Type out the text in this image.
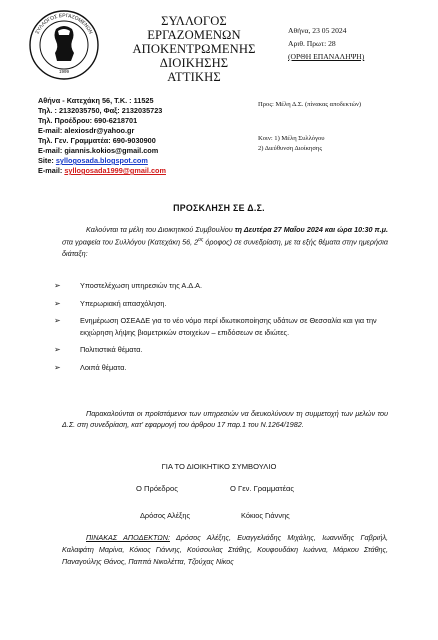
1999
ΣΥΛΛΟΓΟΣ ΕΡΓΑΖΟΜΕΝΩΝ
ΣΥΛΛΟΓΟΣ
ΕΡΓΑΖΟΜΕΝΩΝ
ΑΠΟΚΕΝΤΡΩΜΕΝΗΣ
ΔΙΟΙΚΗΣΗΣ
ΑΤΤΙΚΗΣ
Αθήνα, 23 05 2024
Αριθ. Πρωτ: 28
(ΟΡΘΗ ΕΠΑΝΑΛΗΨΗ)
Αθήνα - Κατεχάκη 56, Τ.Κ. : 11525
Τηλ. : 2132035750, Φαξ: 2132035723
Τηλ. Προέδρου: 690-6218701
E-mail: alexiosdr@yahoo.gr
Τηλ. Γεν. Γραμματέα: 690-9030900
E-mail: giannis.kokios@gmail.com
Site: syllogosada.blogspot.com
E-mail: syllogosada1999@gmail.com
Προς: Μέλη Δ.Σ. (πίνακας αποδεκτών)
Κοιν: 1) Μέλη Συλλόγου
2) Διεύθυνση Διοίκησης
ΠΡΟΣΚΛΗΣΗ ΣΕ Δ.Σ.
Καλούνται τα μέλη του Διοικητικού Συμβουλίου τη Δευτέρα 27 Μαΐου 2024 και ώρα 10:30 π.μ. στα γραφεία του Συλλόγου (Κατεχάκη 56, $2^{o\varsigma}$ όροφος) σε συνεδρίαση, με τα εξής θέματα στην ημερήσια διάταξη:
➢	Υποστελέχωση υπηρεσιών της Α.Δ.Α.
➢	Υπερωριακή απασχόληση.
➢	Ενημέρωση ΟΣΕΑΔΕ για το νέο νόμο περί ιδιωτικοποίησης υδάτων σε Θεσσαλία και για την εκχώρηση λήψης βιομετρικών στοιχείων – επιδόσεων σε ιδιώτες.
➢	Πολιτιστικά θέματα.
➢	Λοιπά θέματα.
Παρακαλούνται οι προϊστάμενοι των υπηρεσιών να διευκολύνουν τη συμμετοχή των μελών του Δ.Σ. στη συνεδρίαση, κατ' εφαρμογή του άρθρου 17 παρ.1 του Ν.1264/1982.
ΓΙΑ ΤΟ ΔΙΟΙΚΗΤΙΚΟ ΣΥΜΒΟΥΛΙΟ
Ο Πρόεδρος	Ο Γεν. Γραμματέας
Δρόσος Αλέξης	Κόκιος Γιάννης
ΠΙΝΑΚΑΣ ΑΠΟΔΕΚΤΩΝ: Δρόσος Αλέξης, Ευαγγελιάδης Μιχάλης, Ιωαννίδης Γαβριήλ, Καλαφάτη Μαρίνα, Κόκιος Γιάννης, Κούσουλας Στάθης, Κουφουδάκη Ιωάννα, Μάρκου Στάθης, Παναγούλης Θάνος, Παππά Νικολέττα, Τζούχας Νίκος
